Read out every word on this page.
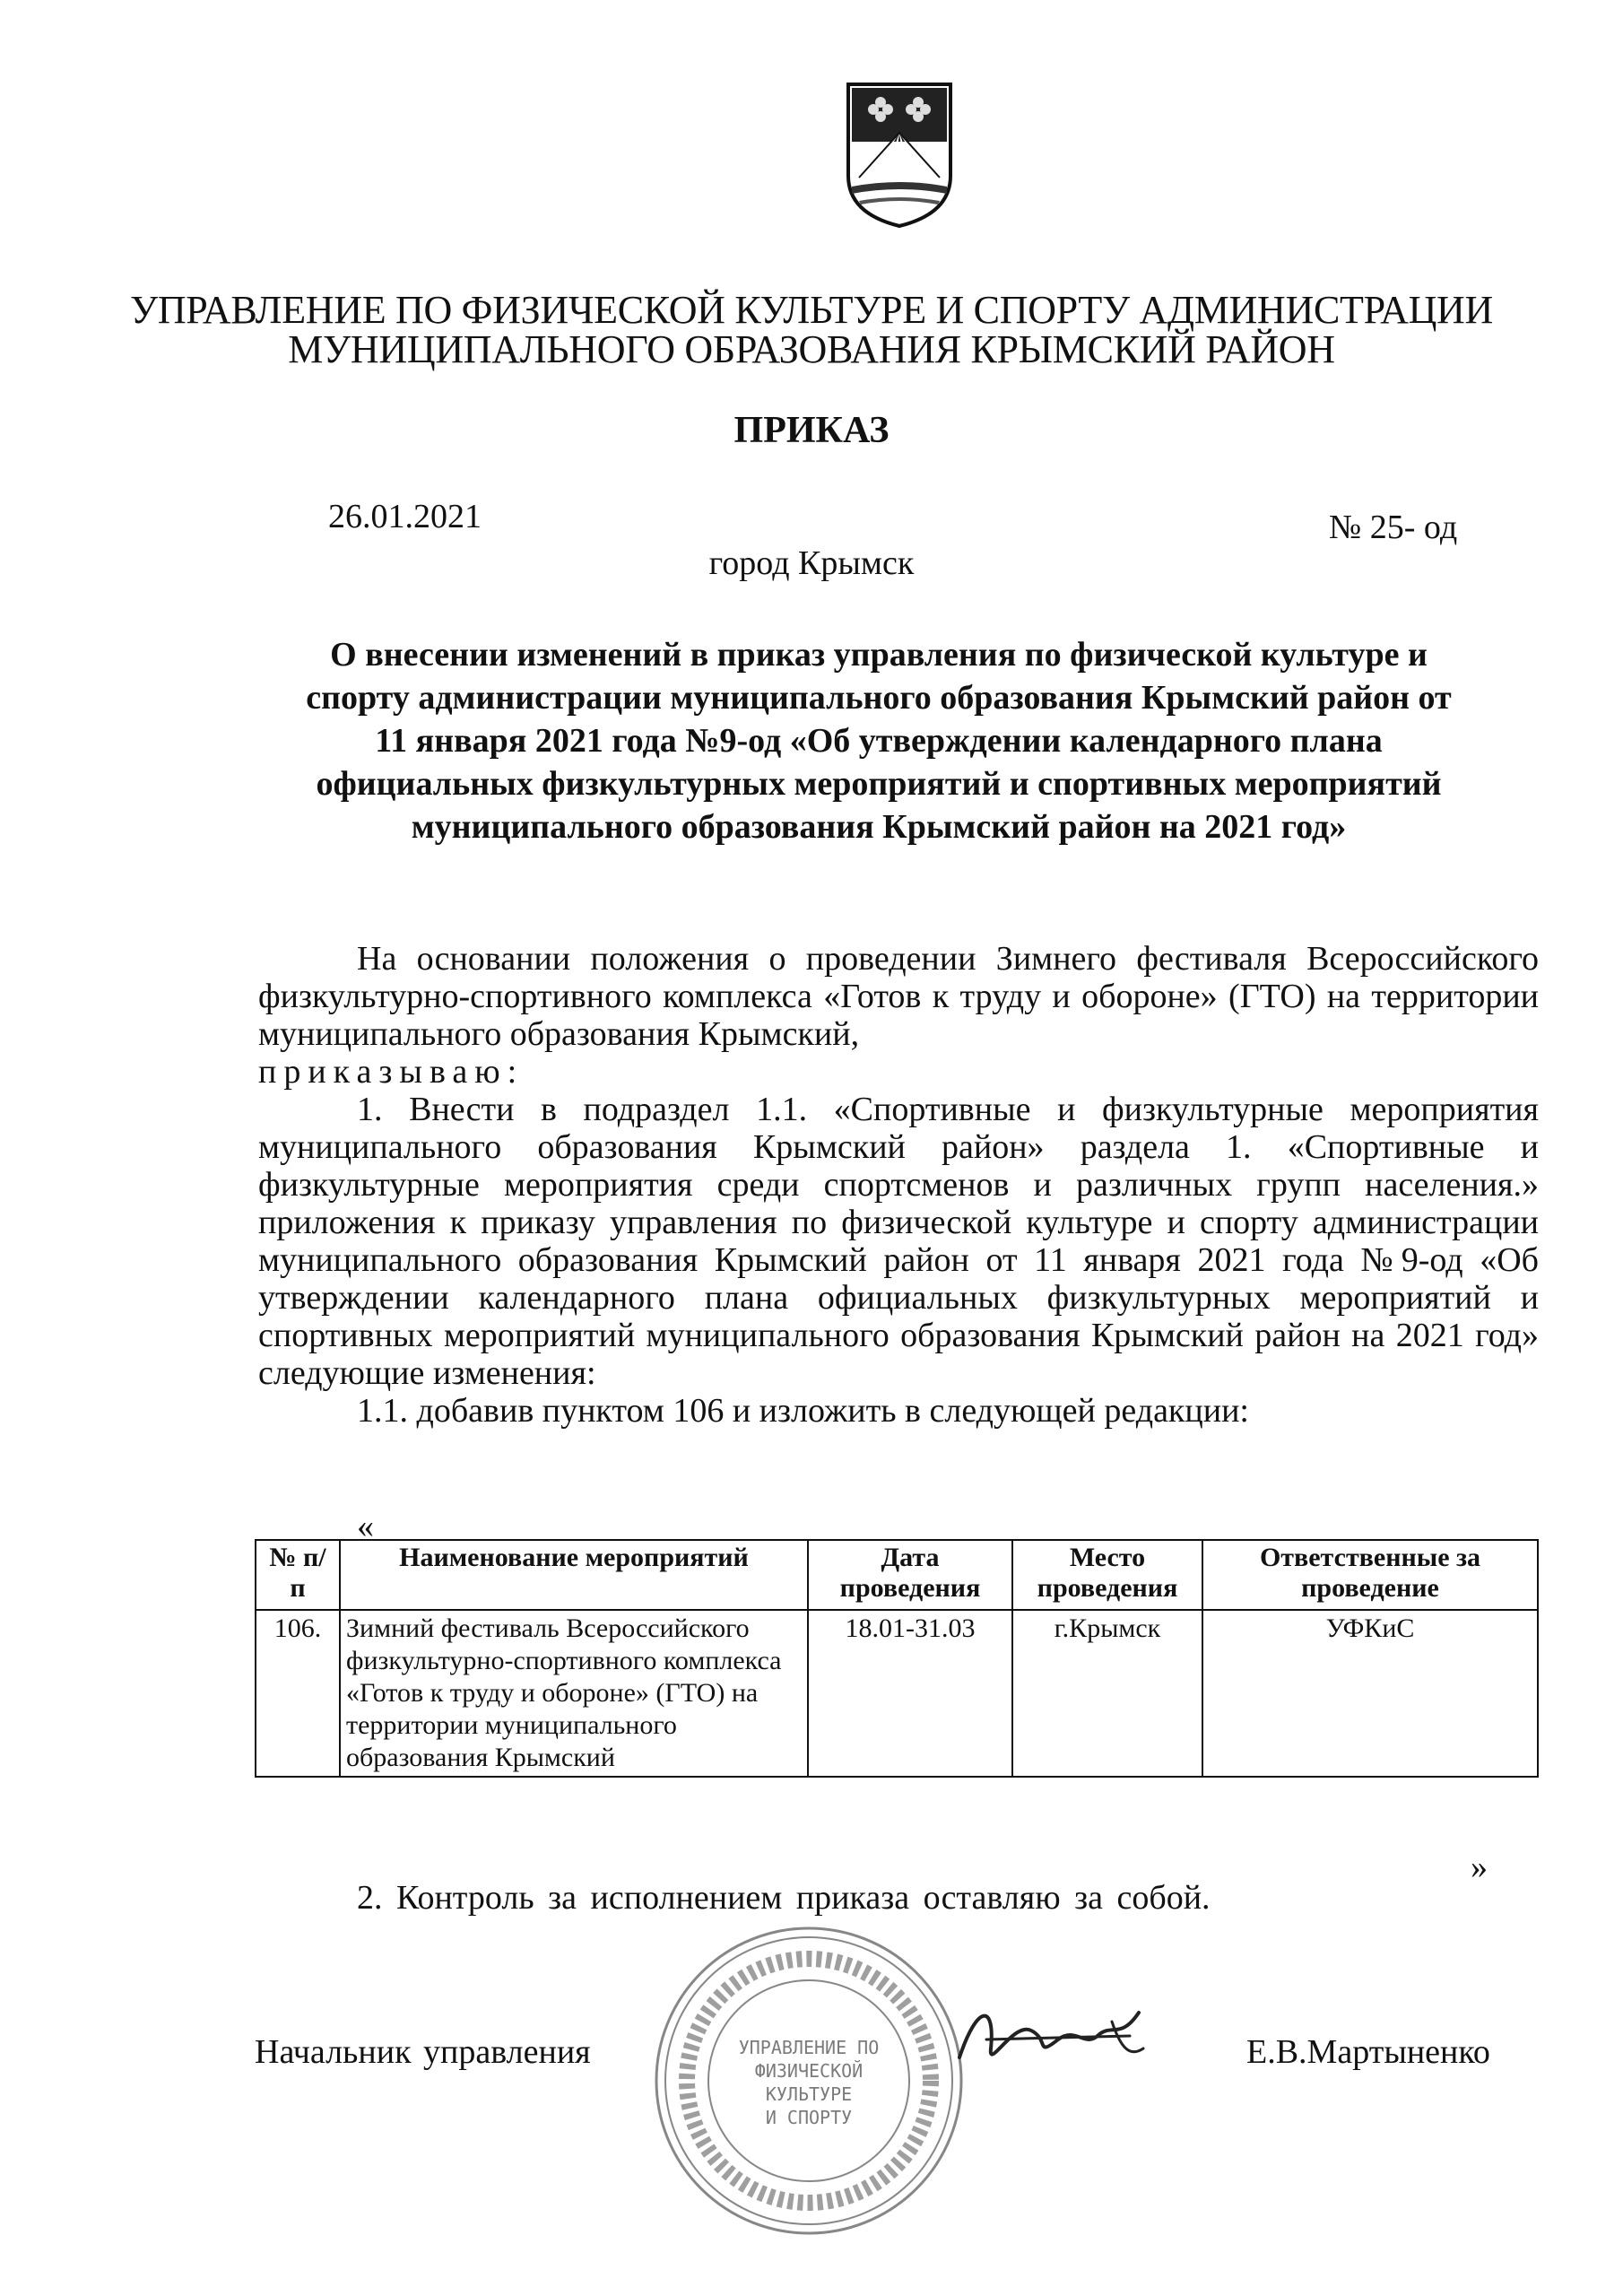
УПРАВЛЕНИЕ ПО ФИЗИЧЕСКОЙ КУЛЬТУРЕ И СПОРТУ АДМИНИСТРАЦИИ
МУНИЦИПАЛЬНОГО ОБРАЗОВАНИЯ КРЫМСКИЙ РАЙОН
ПРИКАЗ
26.01.2021	№ 25- од
город Крымск
О внесении изменений в приказ управления по физической культуре и спорту администрации муниципального образования Крымский район от 11 января 2021 года №9-од «Об утверждении календарного плана официальных физкультурных мероприятий и спортивных мероприятий муниципального образования Крымский район на 2021 год»

На основании положения о проведении Зимнего фестиваля Всероссийского физкультурно-спортивного комплекса «Готов к труду и обороне» (ГТО) на территории муниципального образования Крымский,

приказываю:

1. Внести в подраздел 1.1. «Спортивные и физкультурные мероприятия муниципального образования Крымский район» раздела 1. «Спортивные и физкультурные мероприятия среди спортсменов и различных групп населения.» приложения к приказу управления по физической культуре и спорту администрации муниципального образования Крымский район от 11 января 2021 года №9-од «Об утверждении календарного плана официальных физкультурных мероприятий и спортивных мероприятий муниципального образования Крымский район на 2021 год» следующие изменения:

1.1. добавив пунктом 106 и изложить в следующей редакции:

«
№ п/п	Наименование мероприятий	Дата проведения	Место проведения	Ответственные за проведение
106.	Зимний фестиваль Всероссийского физкультурно-спортивного комплекса «Готов к труду и обороне» (ГТО) на территории муниципального образования Крымский	18.01-31.03	г.Крымск	УФКиС
»
2. Контроль за исполнением приказа оставляю за собой.
УПРАВЛЕНИЕ ПО
ФИЗИЧЕСКОЙ
КУЛЬТУРЕ
И СПОРТУ
Начальник управления	Е.В.Мартыненко
